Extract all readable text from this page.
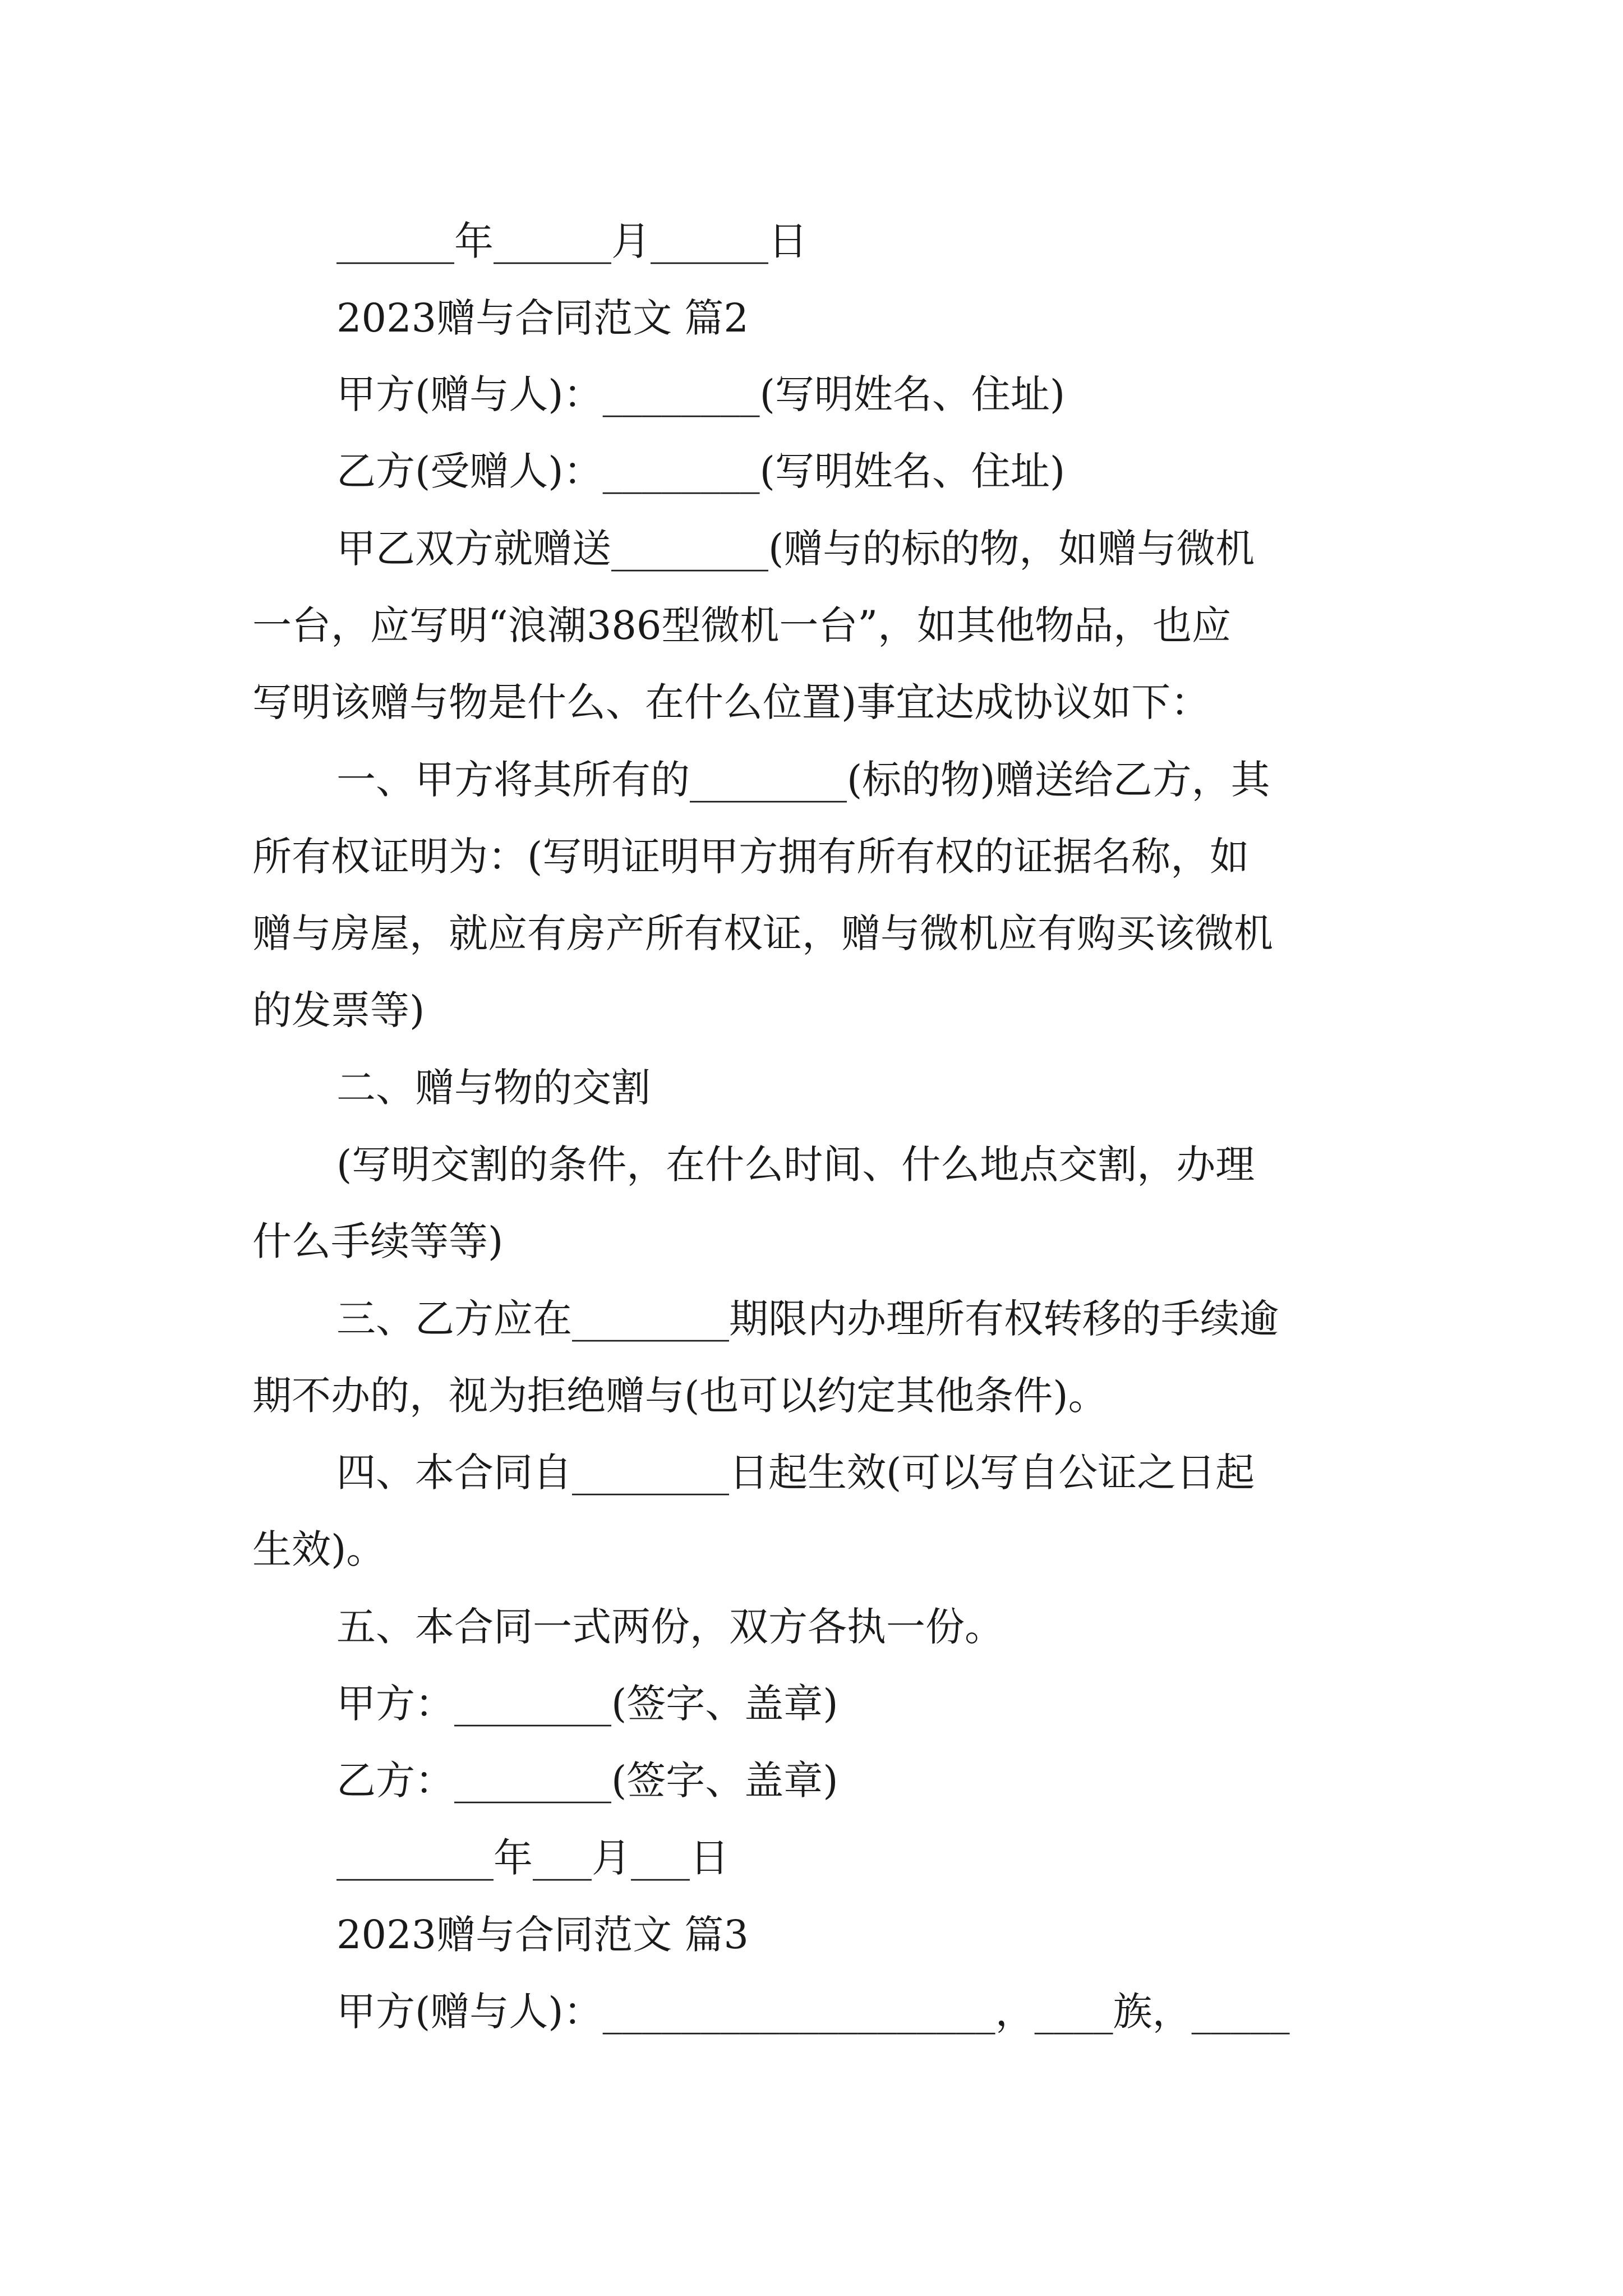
______年______月______日
2023赠与合同范文 篇2
甲方(赠与人)：________(写明姓名、住址)
乙方(受赠人)：________(写明姓名、住址)
甲乙双方就赠送________(赠与的标的物，如赠与微机
一台，应写明“浪潮386型微机一台”，如其他物品，也应
写明该赠与物是什么、在什么位置)事宜达成协议如下：
一、甲方将其所有的________(标的物)赠送给乙方，其
所有权证明为：(写明证明甲方拥有所有权的证据名称，如
赠与房屋，就应有房产所有权证，赠与微机应有购买该微机
的发票等)
二、赠与物的交割
(写明交割的条件，在什么时间、什么地点交割，办理
什么手续等等)
三、乙方应在________期限内办理所有权转移的手续逾
期不办的，视为拒绝赠与(也可以约定其他条件)。
四、本合同自________日起生效(可以写自公证之日起
生效)。
五、本合同一式两份，双方各执一份。
甲方：________(签字、盖章)
乙方：________(签字、盖章)
________年___月___日
2023赠与合同范文 篇3
甲方(赠与人)：____________________，____族，_____
